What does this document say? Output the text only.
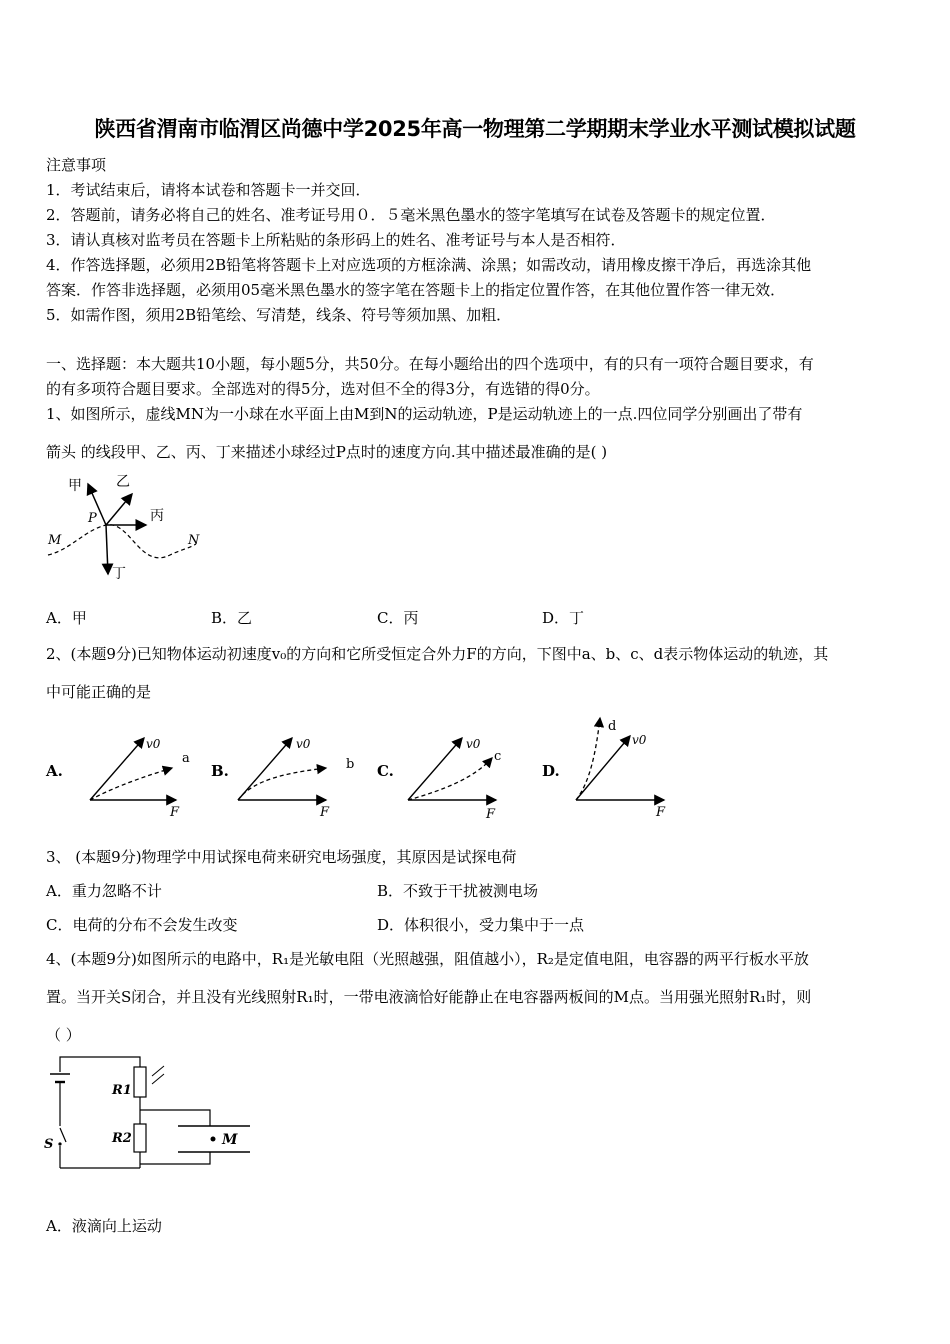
陕西省渭南市临渭区尚德中学2025年高一物理第二学期期末学业水平测试模拟试题
注意事项
1．考试结束后，请将本试卷和答题卡一并交回．
2．答题前，请务必将自己的姓名、准考证号用０．５毫米黑色墨水的签字笔填写在试卷及答题卡的规定位置．
3．请认真核对监考员在答题卡上所粘贴的条形码上的姓名、准考证号与本人是否相符．
4．作答选择题，必须用2B铅笔将答题卡上对应选项的方框涂满、涂黑；如需改动，请用橡皮擦干净后，再选涂其他
答案．作答非选择题，必须用05毫米黑色墨水的签字笔在答题卡上的指定位置作答，在其他位置作答一律无效．
5．如需作图，须用2B铅笔绘、写清楚，线条、符号等须加黑、加粗．
一、选择题：本大题共10小题，每小题5分，共50分。在每小题给出的四个选项中，有的只有一项符合题目要求，有
的有多项符合题目要求。全部选对的得5分，选对但不全的得3分，有选错的得0分。
1、如图所示，虚线MN为一小球在水平面上由M到N的运动轨迹，P是运动轨迹上的一点.四位同学分别画出了带有
箭头 的线段甲、乙、丙、丁来描述小球经过P点时的速度方向.其中描述最准确的是( )
甲 乙
丙
丁
M	N
P
A．甲	B．乙	C．丙	D．丁
2、(本题9分)已知物体运动初速度v₀的方向和它所受恒定合外力F的方向，下图中a、b、c、d表示物体运动的轨迹，其
中可能正确的是
A.	B.	C.	D.
v0
a
F
v0
b
F
v0
c
F
d
v0
F
3、 (本题9分)物理学中用试探电荷来研究电场强度，其原因是试探电荷
A．重力忽略不计	B．不致于干扰被测电场
C．电荷的分布不会发生改变	D．体积很小，受力集中于一点
4、(本题9分)如图所示的电路中，R₁是光敏电阻（光照越强，阻值越小），R₂是定值电阻，电容器的两平行板水平放
置。当开关S闭合，并且没有光线照射R₁时，一带电液滴恰好能静止在电容器两板间的M点。当用强光照射R₁时，则
（ ）
R1
R2
S	M
A．液滴向上运动
